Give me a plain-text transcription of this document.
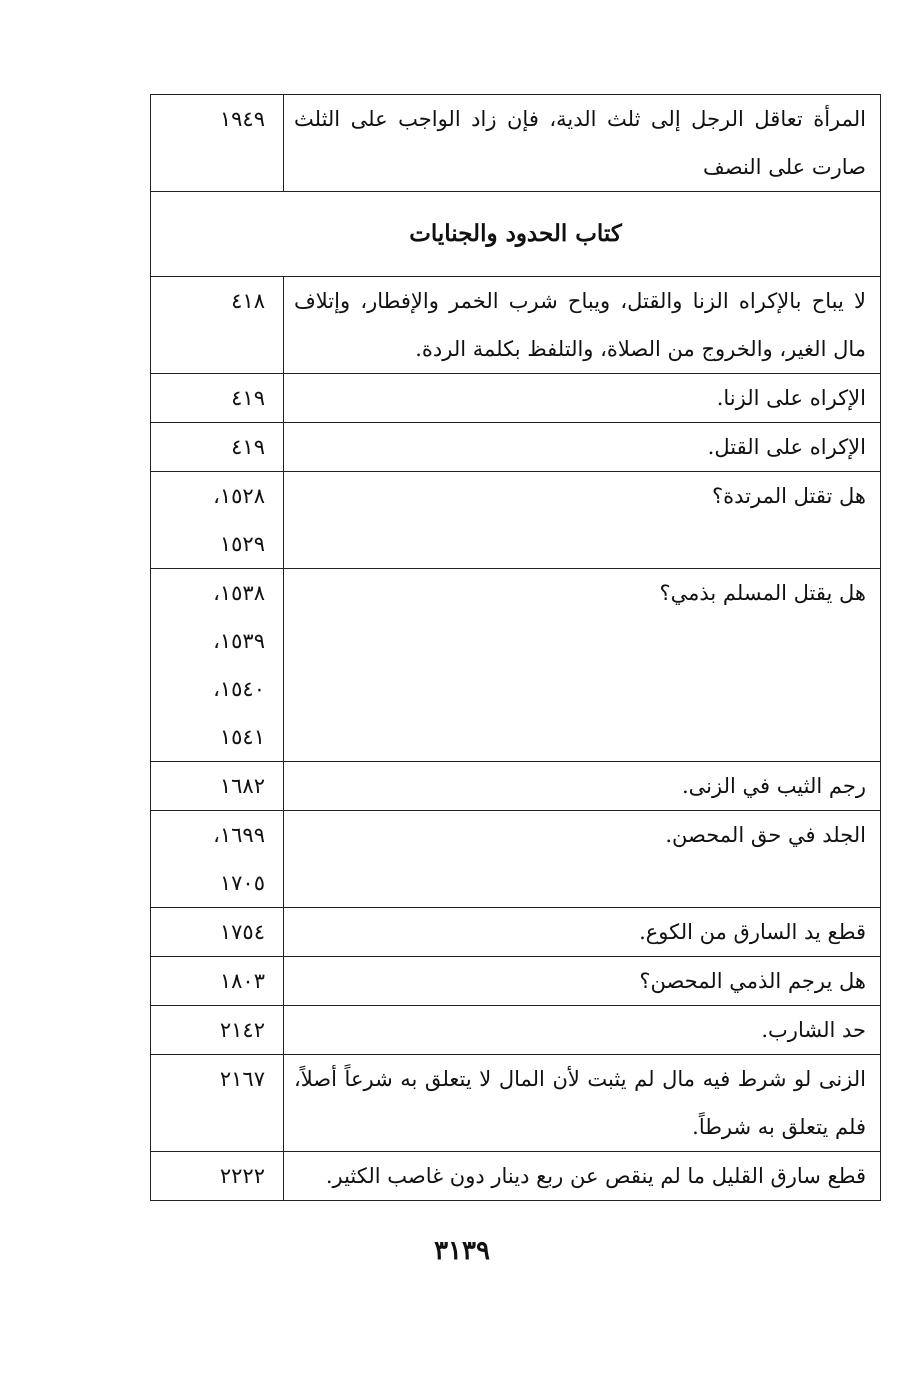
المرأة تعاقل الرجل إلى ثلث الدية، فإن زاد الواجب على الثلث صارت على النصف	١٩٤٩

كتاب الحدود والجنايات	
لا يباح بالإكراه الزنا والقتل، ويباح شرب الخمر والإفطار، وإتلاف مال الغير، والخروج من الصلاة، والتلفظ بكلمة الردة.	٤١٨

الإكراه على الزنا.	٤١٩

الإكراه على القتل.	٤١٩

هل تقتل المرتدة؟	١٥٢٨،
١٥٢٩

هل يقتل المسلم بذمي؟	١٥٣٨،
١٥٣٩،
١٥٤٠،
١٥٤١

رجم الثيب في الزنى.	١٦٨٢

الجلد في حق المحصن.	١٦٩٩،
١٧٠٥

قطع يد السارق من الكوع.	١٧٥٤

هل يرجم الذمي المحصن؟	١٨٠٣

حد الشارب.	٢١٤٢

الزنى لو شرط فيه مال لم يثبت لأن المال لا يتعلق به شرعاً أصلاً، فلم يتعلق به شرطاً.	٢١٦٧

قطع سارق القليل ما لم ينقص عن ربع دينار دون غاصب الكثير.	٢٢٢٢
٣١٣٩
